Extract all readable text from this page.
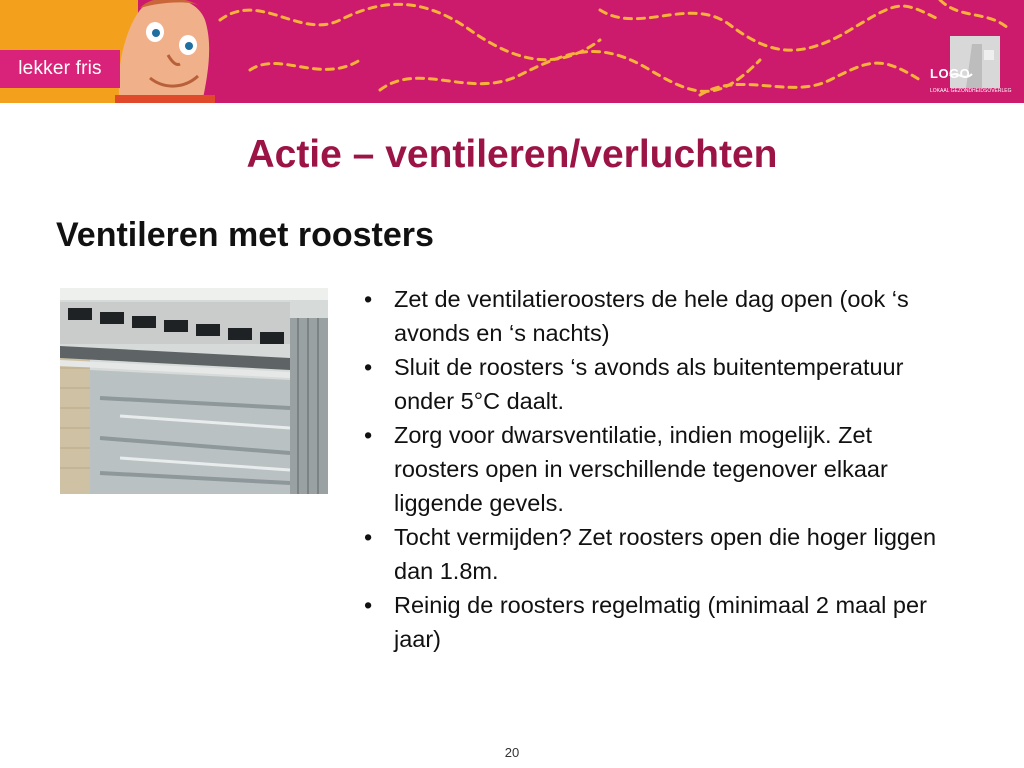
lekker fris	LOGO
LOKAAL GEZONDHEIDSOVERLEG
Actie – ventileren/verluchten
Ventileren met roosters
• Zet de ventilatieroosters de hele dag open (ook ‘s avonds en ‘s nachts)
• Sluit de roosters ‘s avonds als buitentemperatuur onder 5°C daalt.
• Zorg voor dwarsventilatie, indien mogelijk. Zet roosters open in verschillende tegenover elkaar liggende gevels.
• Tocht vermijden? Zet roosters open die hoger liggen dan 1.8m.
• Reinig de roosters regelmatig (minimaal 2 maal per jaar)
20
